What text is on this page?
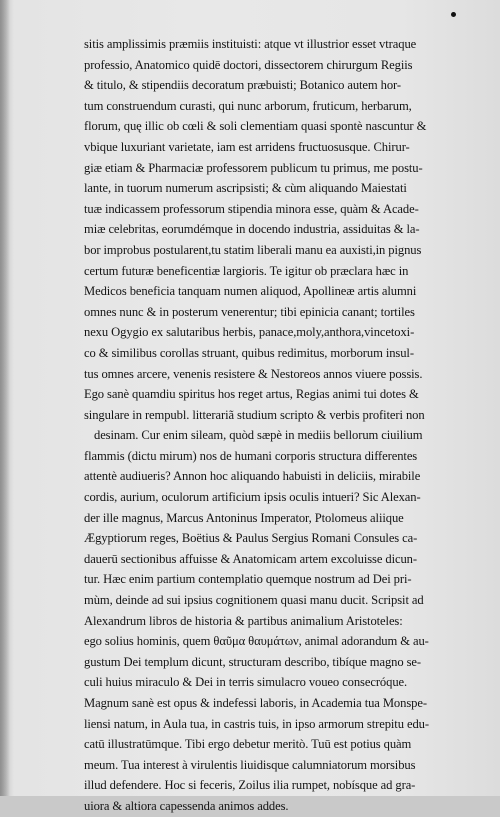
sitis amplissimis præmiis instituisti: atque vt illustrior esset vtraque
professio, Anatomico quidē doctori, dissectorem chirurgum Regiis
& titulo, & stipendiis decoratum præbuisti; Botanico autem hor-
tum construendum curasti, qui nunc arborum, fruticum, herbarum,
florum, quę illic ob cœli & soli clementiam quasi spontè nascuntur &
vbique luxuriant varietate, iam est arridens fructuosusque. Chirur-
giæ etiam & Pharmaciæ professorem publicum tu primus, me postu-
lante, in tuorum numerum ascripsisti; & cùm aliquando Maiestati
tuæ indicassem professorum stipendia minora esse, quàm & Acade-
miæ celebritas, eorumdémque in docendo industria, assiduitas & la-
bor improbus postularent,tu statim liberali manu ea auxisti,in pignus
certum futuræ beneficentiæ largioris. Te igitur ob præclara hæc in
Medicos beneficia tanquam numen aliquod, Apollineæ artis alumni
omnes nunc & in posterum venerentur; tibi epinicia canant; tortiles
nexu Ogygio ex salutaribus herbis, panace,moly,anthora,vincetoxi-
co & similibus corollas struant, quibus redimitus, morborum insul-
tus omnes arcere, venenis resistere & Nestoreos annos viuere possis.
Ego sanè quamdiu spiritus hos reget artus, Regias animi tui dotes &
singulare in rempubl. litterariã studium scripto & verbis profiteri non
desinam. Cur enim sileam, quòd sæpè in mediis bellorum ciuilium
flammis (dictu mirum) nos de humani corporis structura differentes
attentè audiueris? Annon hoc aliquando habuisti in deliciis, mirabile
cordis, aurium, oculorum artificium ipsis oculis intueri? Sic Alexan-
der ille magnus, Marcus Antoninus Imperator, Ptolomeus aliique
Ægyptiorum reges, Boëtius & Paulus Sergius Romani Consules ca-
dauerū sectionibus affuisse & Anatomicam artem excoluisse dicun-
tur. Hæc enim partium contemplatio quemque nostrum ad Dei pri-
mùm, deinde ad sui ipsius cognitionem quasi manu ducit. Scripsit ad
Alexandrum libros de historia & partibus animalium Aristoteles:
ego solius hominis, quem θαῦμα θαυμάτων, animal adorandum & au-
gustum Dei templum dicunt, structuram describo, tibíque magno se-
culi huius miraculo & Dei in terris simulacro voueo consecróque.
Magnum sanè est opus & indefessi laboris, in Academia tua Monspe-
liensi natum, in Aula tua, in castris tuis, in ipso armorum strepitu edu-
catū illustratūmque. Tibi ergo debetur meritò. Tuū est potius quàm
meum. Tua interest à virulentis liuidisque calumniatorum morsibus
illud defendere. Hoc si feceris, Zoilus ilia rumpet, nobísque ad gra-
uiora & altiora capessenda animos addes.
